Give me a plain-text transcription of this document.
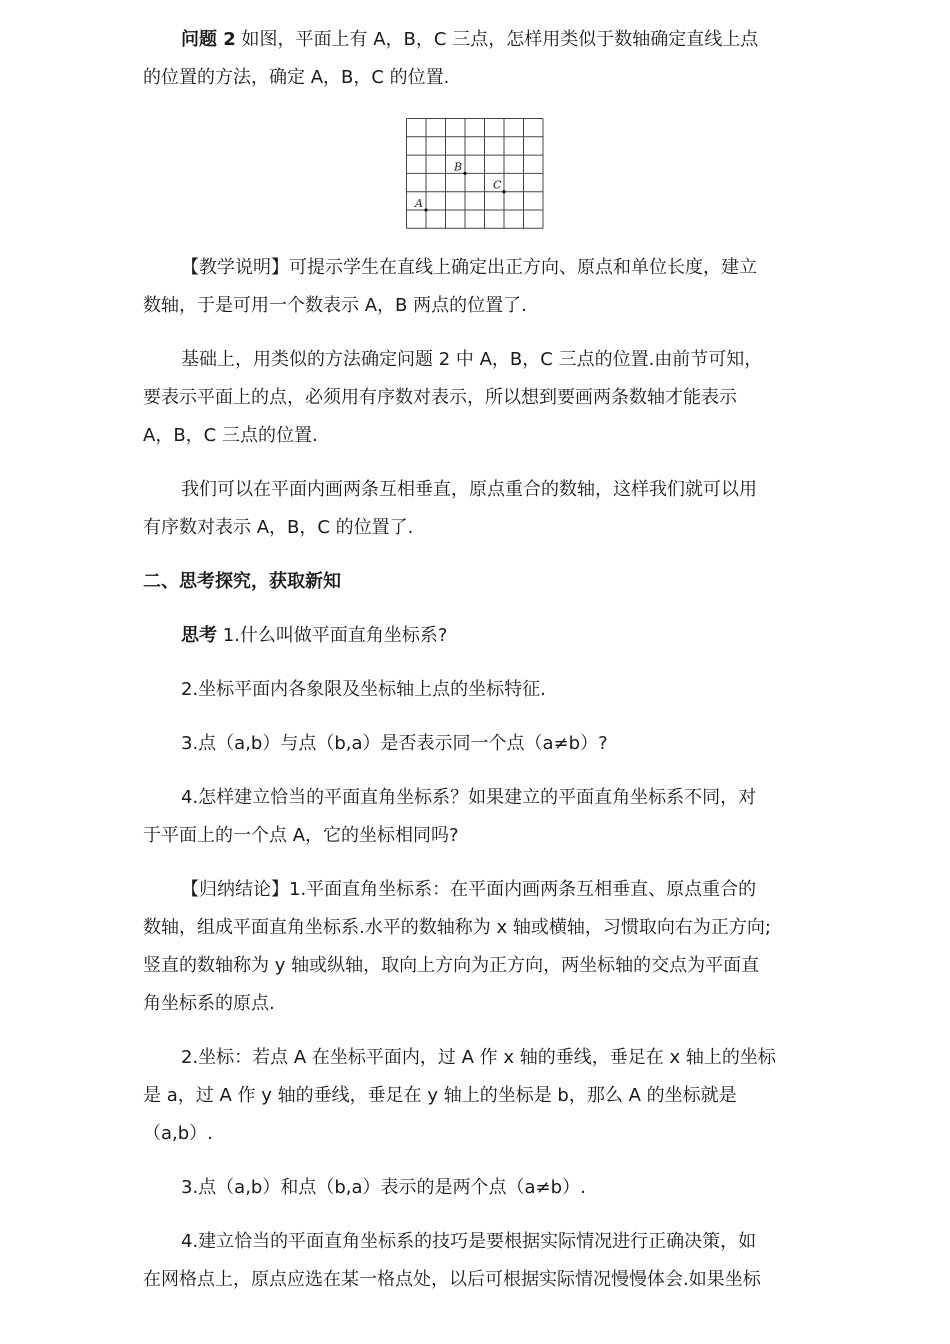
问题 2 如图，平面上有 A，B，C 三点，怎样用类似于数轴确定直线上点

的位置的方法，确定 A，B，C 的位置.

A
B
C

【教学说明】可提示学生在直线上确定出正方向、原点和单位长度，建立

数轴，于是可用一个数表示 A，B 两点的位置了.

基础上，用类似的方法确定问题 2 中 A，B，C 三点的位置.由前节可知，

要表示平面上的点，必须用有序数对表示，所以想到要画两条数轴才能表示

A，B，C 三点的位置.

我们可以在平面内画两条互相垂直，原点重合的数轴，这样我们就可以用

有序数对表示 A，B，C 的位置了.

二、思考探究，获取新知

思考 1.什么叫做平面直角坐标系?

2.坐标平面内各象限及坐标轴上点的坐标特征.

3.点（a,b）与点（b,a）是否表示同一个点（a≠b）?

4.怎样建立恰当的平面直角坐标系？如果建立的平面直角坐标系不同，对

于平面上的一个点 A，它的坐标相同吗?

【归纳结论】1.平面直角坐标系：在平面内画两条互相垂直、原点重合的

数轴，组成平面直角坐标系.水平的数轴称为 x 轴或横轴，习惯取向右为正方向;

竖直的数轴称为 y 轴或纵轴，取向上方向为正方向，两坐标轴的交点为平面直

角坐标系的原点.

2.坐标：若点 A 在坐标平面内，过 A 作 x 轴的垂线，垂足在 x 轴上的坐标

是 a，过 A 作 y 轴的垂线，垂足在 y 轴上的坐标是 b，那么 A 的坐标就是

（a,b）.

3.点（a,b）和点（b,a）表示的是两个点（a≠b）.

4.建立恰当的平面直角坐标系的技巧是要根据实际情况进行正确决策，如

在网格点上，原点应选在某一格点处，以后可根据实际情况慢慢体会.如果坐标
